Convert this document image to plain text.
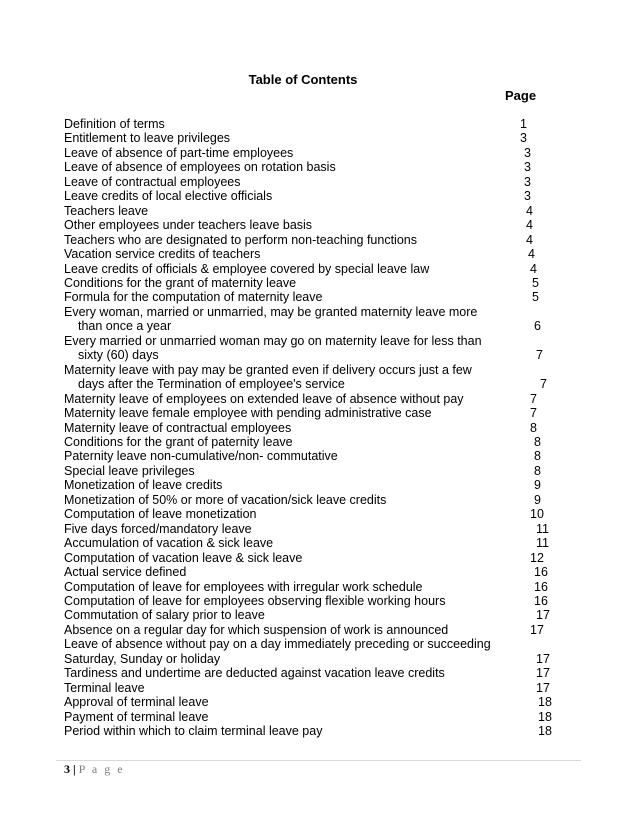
Table of Contents
Page
Definition of terms	1
Entitlement to leave privileges	3
Leave of absence of part-time employees	3
Leave of absence of employees on rotation basis	3
Leave of contractual employees	3
Leave credits of local elective officials	3
Teachers leave	4
Other employees under teachers leave basis	4
Teachers who are designated to perform non-teaching functions	4
Vacation service credits of teachers	4
Leave credits of officials & employee covered by special leave law	4
Conditions for the grant of maternity leave	5
Formula for the computation of maternity leave	5
Every woman, married or unmarried, may be granted maternity leave more
than once a year	6
Every married or unmarried woman may go on maternity leave for less than
sixty (60) days	7
Maternity leave with pay may be granted even if delivery occurs just a few
days after the Termination of employee's service	7
Maternity leave of employees on extended leave of absence without pay	7
Maternity leave female employee with pending administrative case	7
Maternity leave of contractual employees	8
Conditions for the grant of paternity leave	8
Paternity leave non-cumulative/non- commutative	8
Special leave privileges	8
Monetization of leave credits	9
Monetization of 50% or more of vacation/sick leave credits	9
Computation of leave monetization	10
Five days forced/mandatory leave	11
Accumulation of vacation & sick leave	11
Computation of vacation leave & sick leave	12
Actual service defined	16
Computation of leave for employees with irregular work schedule	16
Computation of leave for employees observing flexible working hours	16
Commutation of salary prior to leave	17
Absence on a regular day for which suspension of work is announced	17
Leave of absence without pay on a day immediately preceding or succeeding
Saturday, Sunday or holiday	17
Tardiness and undertime are deducted against vacation leave credits	17
Terminal leave	17
Approval of terminal leave	18
Payment of terminal leave	18
Period within which to claim terminal leave pay	18
3 | P a g e
